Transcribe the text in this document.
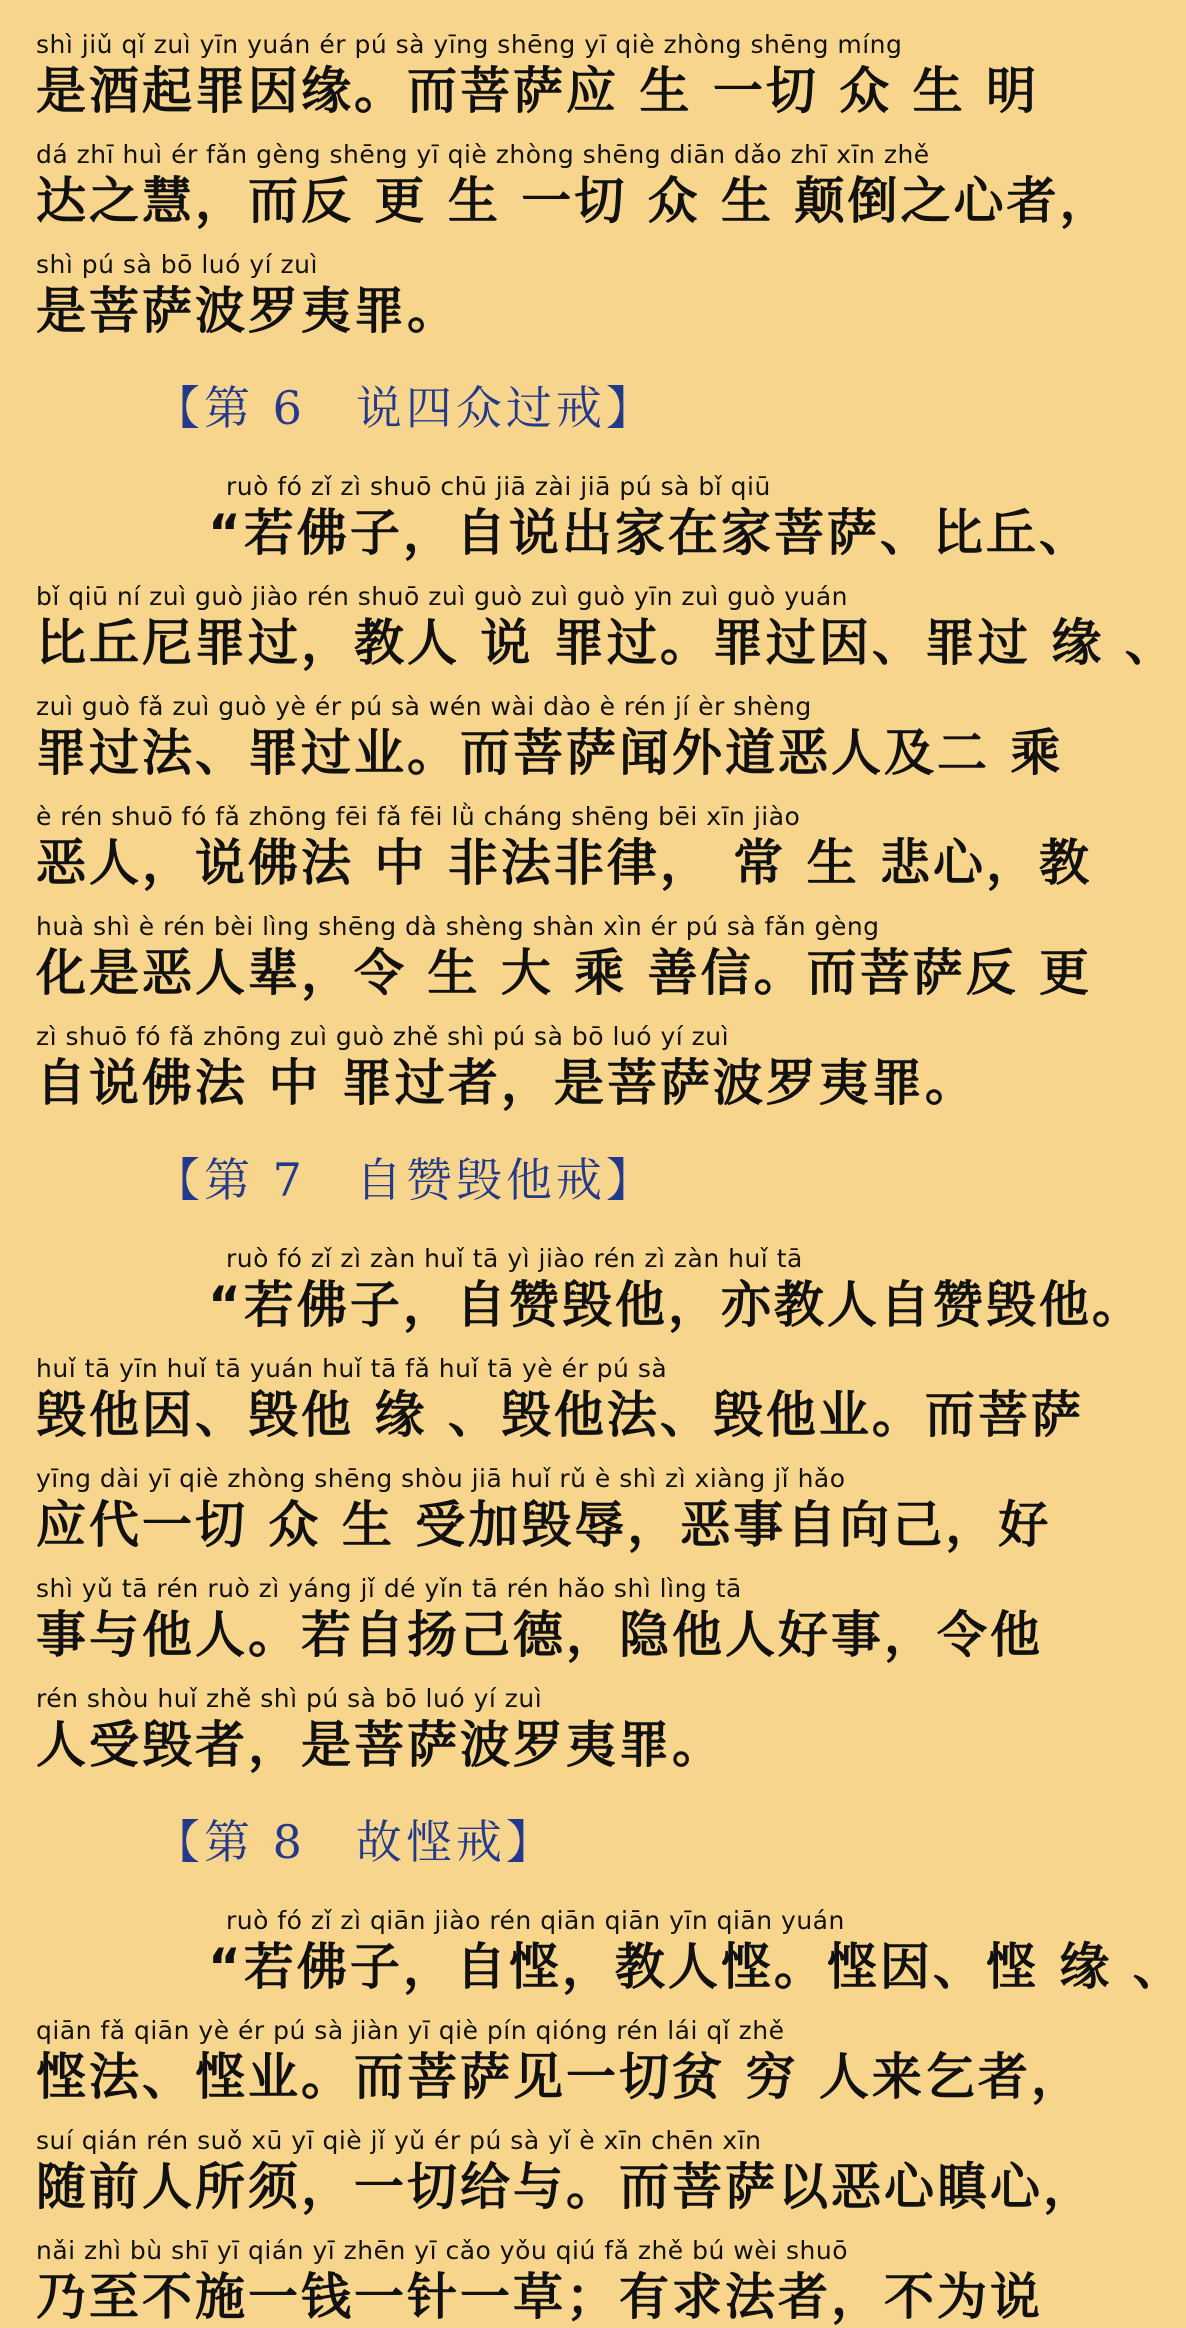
shì jiǔ qǐ zuì yīn yuán ér pú sà yīng shēng yī qiè zhòng shēng míng
是酒起罪因缘。而菩萨应 生 一切 众 生 明
dá zhī huì ér fǎn gèng shēng yī qiè zhòng shēng diān dǎo zhī xīn zhě
达之慧，而反 更 生 一切 众 生 颠倒之心者，
shì pú sà bō luó yí zuì
是菩萨波罗夷罪。
【第 6　说四众过戒】
ruò fó zǐ zì shuō chū jiā zài jiā pú sà bǐ qiū
“若佛子，自说出家在家菩萨、比丘、
bǐ qiū ní zuì guò jiào rén shuō zuì guò zuì guò yīn zuì guò yuán
比丘尼罪过，教人 说 罪过。罪过因、罪过 缘 、
zuì guò fǎ zuì guò yè ér pú sà wén wài dào è rén jí èr shèng
罪过法、罪过业。而菩萨闻外道恶人及二 乘
è rén shuō fó fǎ zhōng fēi fǎ fēi lǜ cháng shēng bēi xīn jiào
恶人，说佛法 中 非法非律， 常 生 悲心，教
huà shì è rén bèi lìng shēng dà shèng shàn xìn ér pú sà fǎn gèng
化是恶人辈，令 生 大 乘 善信。而菩萨反 更
zì shuō fó fǎ zhōng zuì guò zhě shì pú sà bō luó yí zuì
自说佛法 中 罪过者，是菩萨波罗夷罪。
【第 7　自赞毁他戒】
ruò fó zǐ zì zàn huǐ tā yì jiào rén zì zàn huǐ tā
“若佛子，自赞毁他，亦教人自赞毁他。
huǐ tā yīn huǐ tā yuán huǐ tā fǎ huǐ tā yè ér pú sà
毁他因、毁他 缘 、毁他法、毁他业。而菩萨
yīng dài yī qiè zhòng shēng shòu jiā huǐ rǔ è shì zì xiàng jǐ hǎo
应代一切 众 生 受加毁辱，恶事自向己，好
shì yǔ tā rén ruò zì yáng jǐ dé yǐn tā rén hǎo shì lìng tā
事与他人。若自扬己德，隐他人好事，令他
rén shòu huǐ zhě shì pú sà bō luó yí zuì
人受毁者，是菩萨波罗夷罪。
【第 8　故悭戒】
ruò fó zǐ zì qiān jiào rén qiān qiān yīn qiān yuán
“若佛子，自悭，教人悭。悭因、悭 缘 、
qiān fǎ qiān yè ér pú sà jiàn yī qiè pín qióng rén lái qǐ zhě
悭法、悭业。而菩萨见一切贫 穷 人来乞者，
suí qián rén suǒ xū yī qiè jǐ yǔ ér pú sà yǐ è xīn chēn xīn
随前人所须，一切给与。而菩萨以恶心瞋心，
nǎi zhì bù shī yī qián yī zhēn yī cǎo yǒu qiú fǎ zhě bú wèi shuō
乃至不施一钱一针一草；有求法者，不为说
